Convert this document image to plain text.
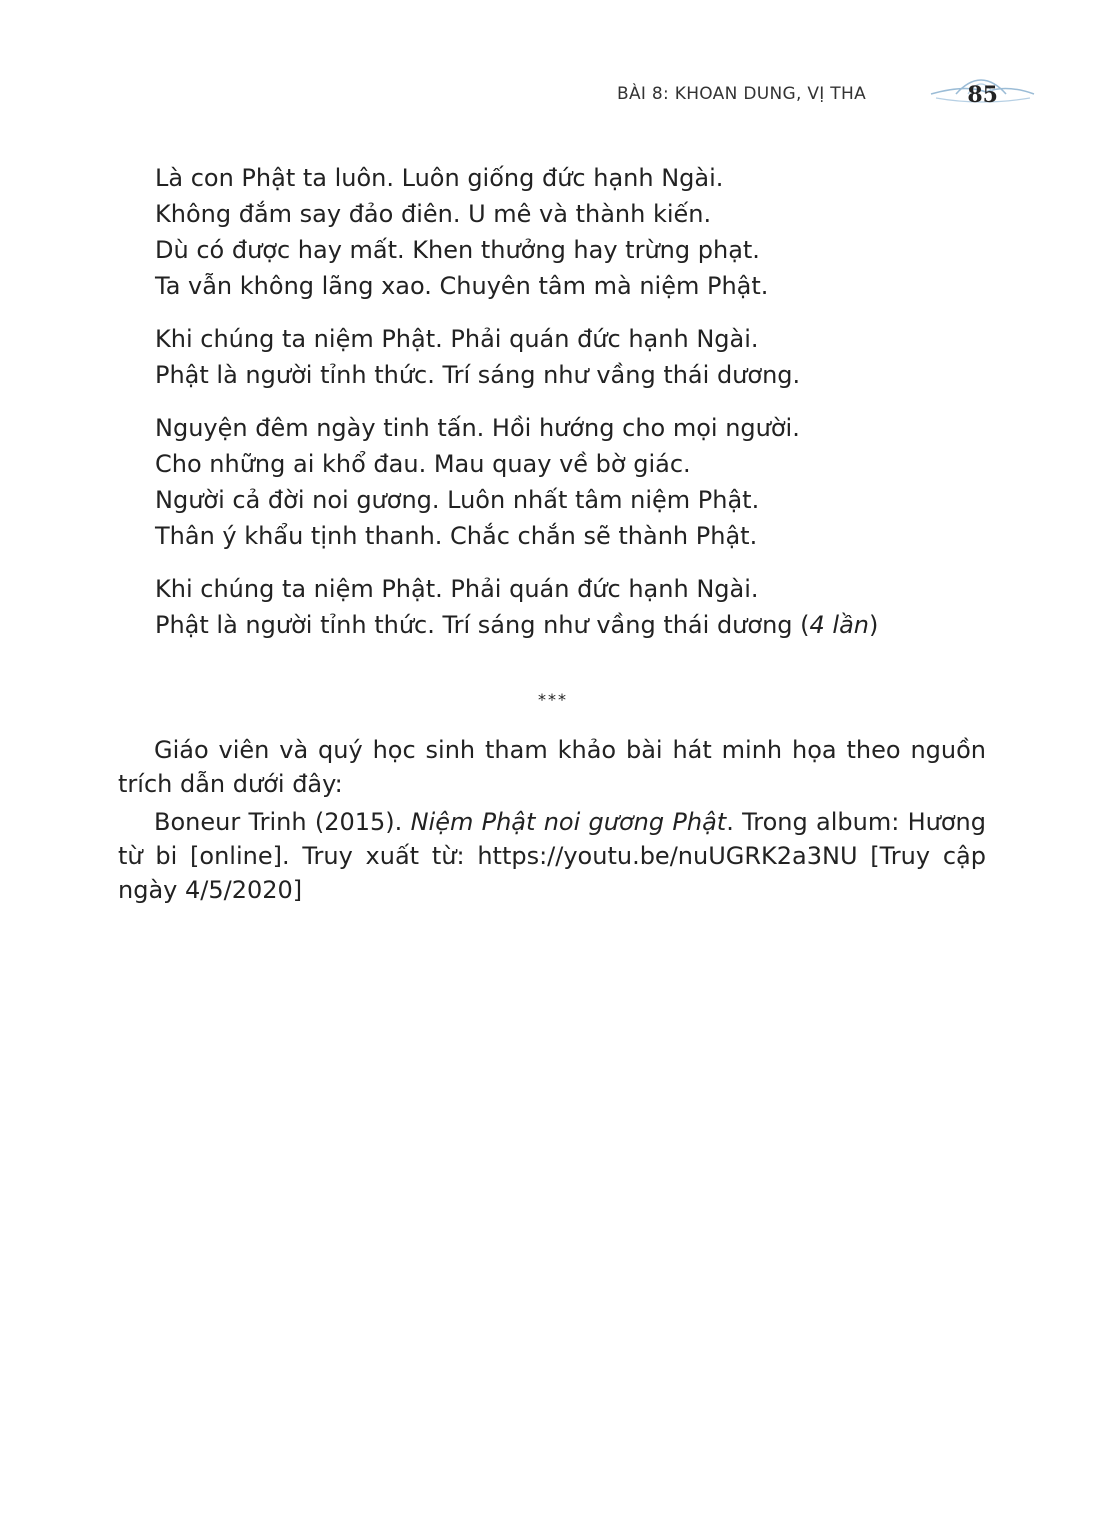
BÀI 8: KHOAN DUNG, VỊ THA	85
Là con Phật ta luôn. Luôn giống đức hạnh Ngài.
Không đắm say đảo điên. U mê và thành kiến.
Dù có được hay mất. Khen thưởng hay trừng phạt.
Ta vẫn không lãng xao. Chuyên tâm mà niệm Phật.
Khi chúng ta niệm Phật. Phải quán đức hạnh Ngài.
Phật là người tỉnh thức. Trí sáng như vầng thái dương.
Nguyện đêm ngày tinh tấn. Hồi hướng cho mọi người.
Cho những ai khổ đau. Mau quay về bờ giác.
Người cả đời noi gương. Luôn nhất tâm niệm Phật.
Thân ý khẩu tịnh thanh. Chắc chắn sẽ thành Phật.
Khi chúng ta niệm Phật. Phải quán đức hạnh Ngài.
Phật là người tỉnh thức. Trí sáng như vầng thái dương (4 lần)
***

Giáo viên và quý học sinh tham khảo bài hát minh họa theo nguồn trích dẫn dưới đây:

Boneur Trinh (2015). Niệm Phật noi gương Phật. Trong album: Hương từ bi [online]. Truy xuất từ: https://youtu.be/nuUGRK2a3NU [Truy cập ngày 4/5/2020]
